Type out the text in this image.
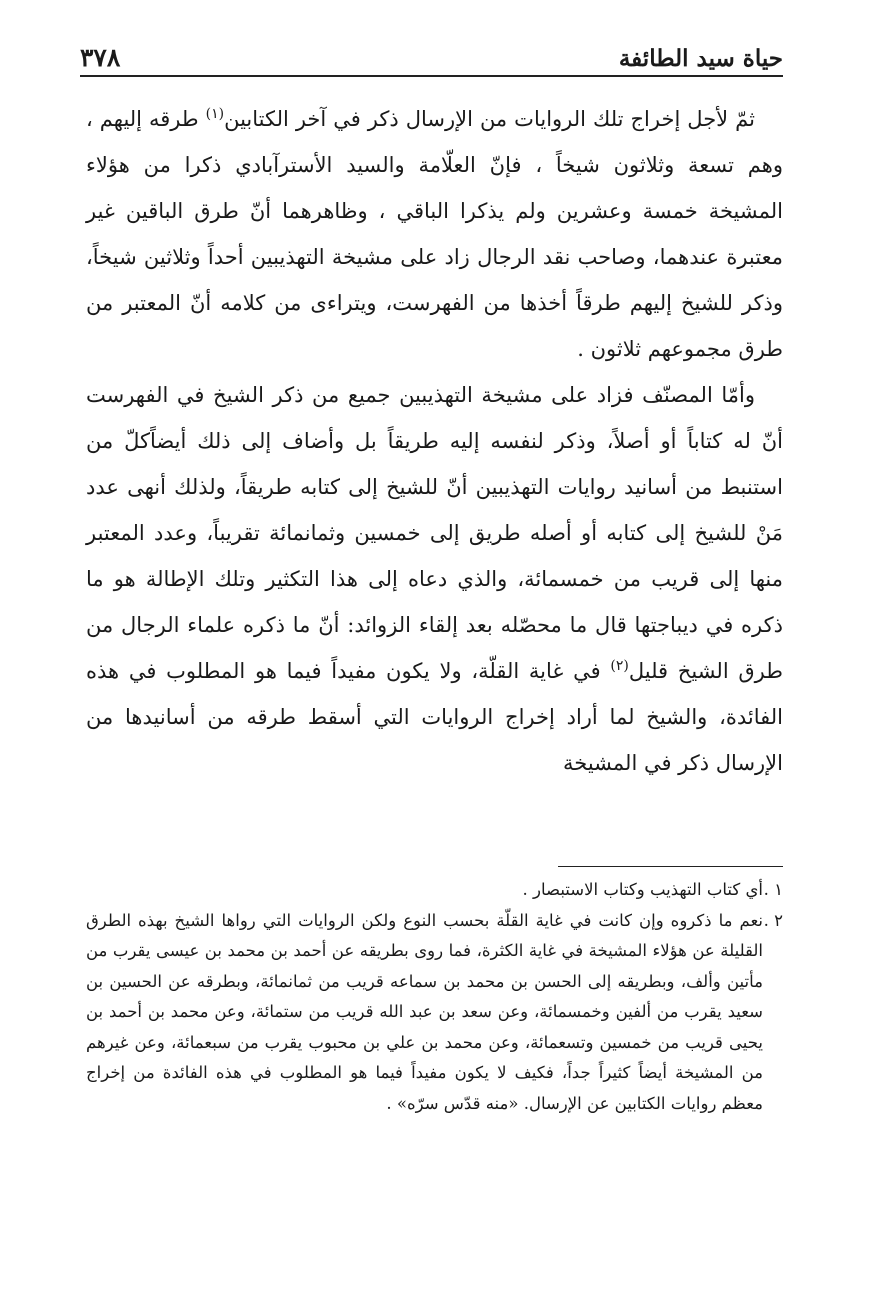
حياة سيد الطائفة
٣٧٨

ثمّ لأجل إخراج تلك الروايات من الإرسال ذكر في آخر الكتابين$^{(١)}$ طرقه إليهم ، وهم تسعة وثلاثون شيخاً ، فإنّ العلّامة والسيد الأسترآبادي ذكرا من هؤلاء المشيخة خمسة وعشرين ولم يذكرا الباقي ، وظاهرهما أنّ طرق الباقين غير معتبرة عندهما، وصاحب نقد الرجال زاد على مشيخة التهذيبين أحداً وثلاثين شيخاً، وذكر للشيخ إليهم طرقاً أخذها من الفهرست، ويتراءى من كلامه أنّ المعتبر من طرق مجموعهم ثلاثون .

وأمّا المصنّف فزاد على مشيخة التهذيبين جميع من ذكر الشيخ في الفهرست أنّ له كتاباً أو أصلاً، وذكر لنفسه إليه طريقاً بل وأضاف إلى ذلك أيضاًكلّ من استنبط من أسانيد روايات التهذيبين أنّ للشيخ إلى كتابه طريقاً، ولذلك أنهى عدد مَنْ للشيخ إلى كتابه أو أصله طريق إلى خمسين وثمانمائة تقريباً، وعدد المعتبر منها إلى قريب من خمسمائة، والذي دعاه إلى هذا التكثير وتلك الإطالة هو ما ذكره في ديباجتها قال ما محصّله بعد إلقاء الزوائد: أنّ ما ذكره علماء الرجال من طرق الشيخ قليل$^{(٢)}$ في غاية القلّة، ولا يكون مفيداً فيما هو المطلوب في هذه الفائدة، والشيخ لما أراد إخراج الروايات التي أسقط طرقه من أسانيدها من الإرسال ذكر في المشيخة

١ .
أي كتاب التهذيب وكتاب الاستبصار .
٢ .
نعم ما ذكروه وإن كانت في غاية القلّة بحسب النوع ولكن الروايات التي رواها الشيخ بهذه الطرق القليلة عن هؤلاء المشيخة في غاية الكثرة، فما روى بطريقه عن أحمد بن محمد بن عيسى يقرب من مأتين وألف، وبطريقه إلى الحسن بن محمد بن سماعه قريب من ثمانمائة، وبطرقه عن الحسين بن سعيد يقرب من ألفين وخمسمائة، وعن سعد بن عبد الله قريب من ستمائة، وعن محمد بن أحمد بن يحيى قريب من خمسين وتسعمائة، وعن محمد بن علي بن محبوب يقرب من سبعمائة، وعن غيرهم من المشيخة أيضاً كثيراً جداً، فكيف لا يكون مفيداً فيما هو المطلوب في هذه الفائدة من إخراج معظم روايات الكتابين عن الإرسال. «منه قدّس سرّه» .
